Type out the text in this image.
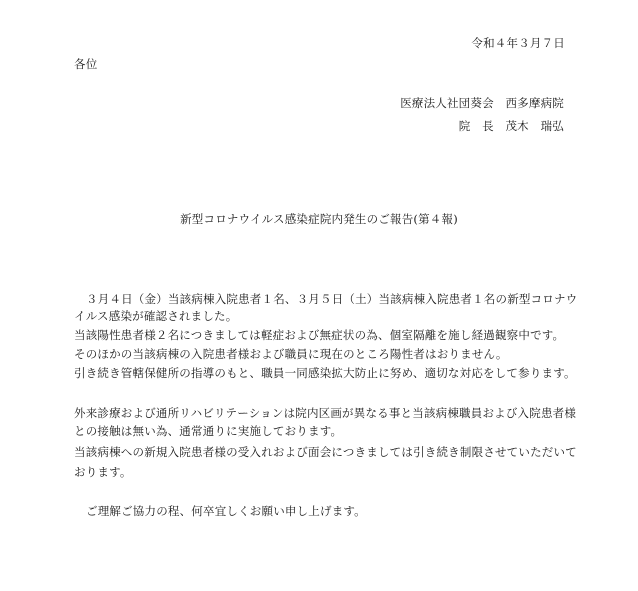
令和４年３月７日
各位
医療法人社団葵会　西多摩病院
院　長　茂木　瑞弘
新型コロナウイルス感染症院内発生のご報告(第４報)
３月４日（金）当該病棟入院患者１名、３月５日（土）当該病棟入院患者１名の新型コロナウ
イルス感染が確認されました。
当該陽性患者様２名につきましては軽症および無症状の為、個室隔離を施し経過観察中です。
そのほかの当該病棟の入院患者様および職員に現在のところ陽性者はおりません。
引き続き管轄保健所の指導のもと、職員一同感染拡大防止に努め、適切な対応をして参ります。
外来診療および通所リハビリテーションは院内区画が異なる事と当該病棟職員および入院患者様
との接触は無い為、通常通りに実施しております。
当該病棟への新規入院患者様の受入れおよび面会につきましては引き続き制限させていただいて
おります。
ご理解ご協力の程、何卒宜しくお願い申し上げます。
